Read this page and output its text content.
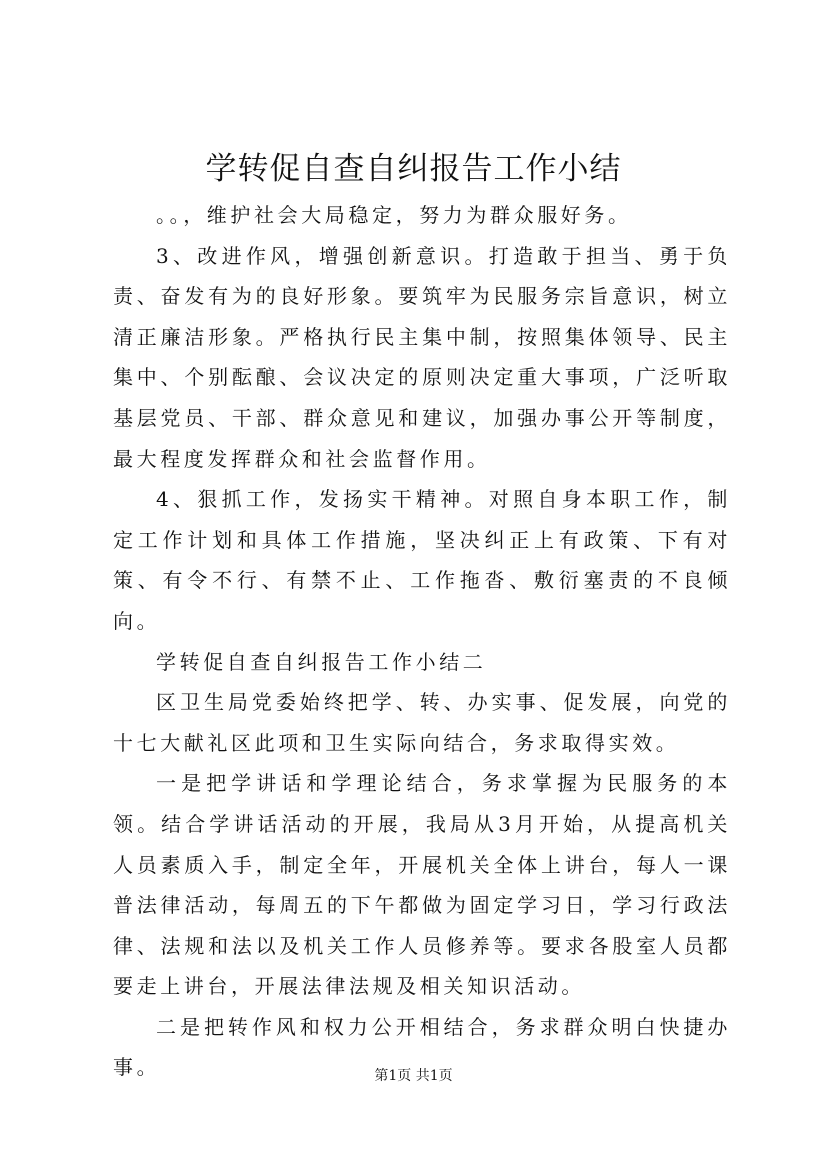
学转促自查自纠报告工作小结

。。，维护社会大局稳定，努力为群众服好务。

3、改进作风，增强创新意识。打造敢于担当、勇于负责、奋发有为的良好形象。要筑牢为民服务宗旨意识，树立清正廉洁形象。严格执行民主集中制，按照集体领导、民主集中、个别酝酿、会议决定的原则决定重大事项，广泛听取基层党员、干部、群众意见和建议，加强办事公开等制度，最大程度发挥群众和社会监督作用。

4、狠抓工作，发扬实干精神。对照自身本职工作，制定工作计划和具体工作措施，坚决纠正上有政策、下有对策、有令不行、有禁不止、工作拖沓、敷衍塞责的不良倾向。

学转促自查自纠报告工作小结二

区卫生局党委始终把学、转、办实事、促发展，向党的十七大献礼区此项和卫生实际向结合，务求取得实效。

一是把学讲话和学理论结合，务求掌握为民服务的本领。结合学讲话活动的开展，我局从3月开始，从提高机关人员素质入手，制定全年，开展机关全体上讲台，每人一课普法律活动，每周五的下午都做为固定学习日，学习行政法律、法规和法以及机关工作人员修养等。要求各股室人员都要走上讲台，开展法律法规及相关知识活动。

二是把转作风和权力公开相结合，务求群众明白快捷办事。	第1页 共1页
